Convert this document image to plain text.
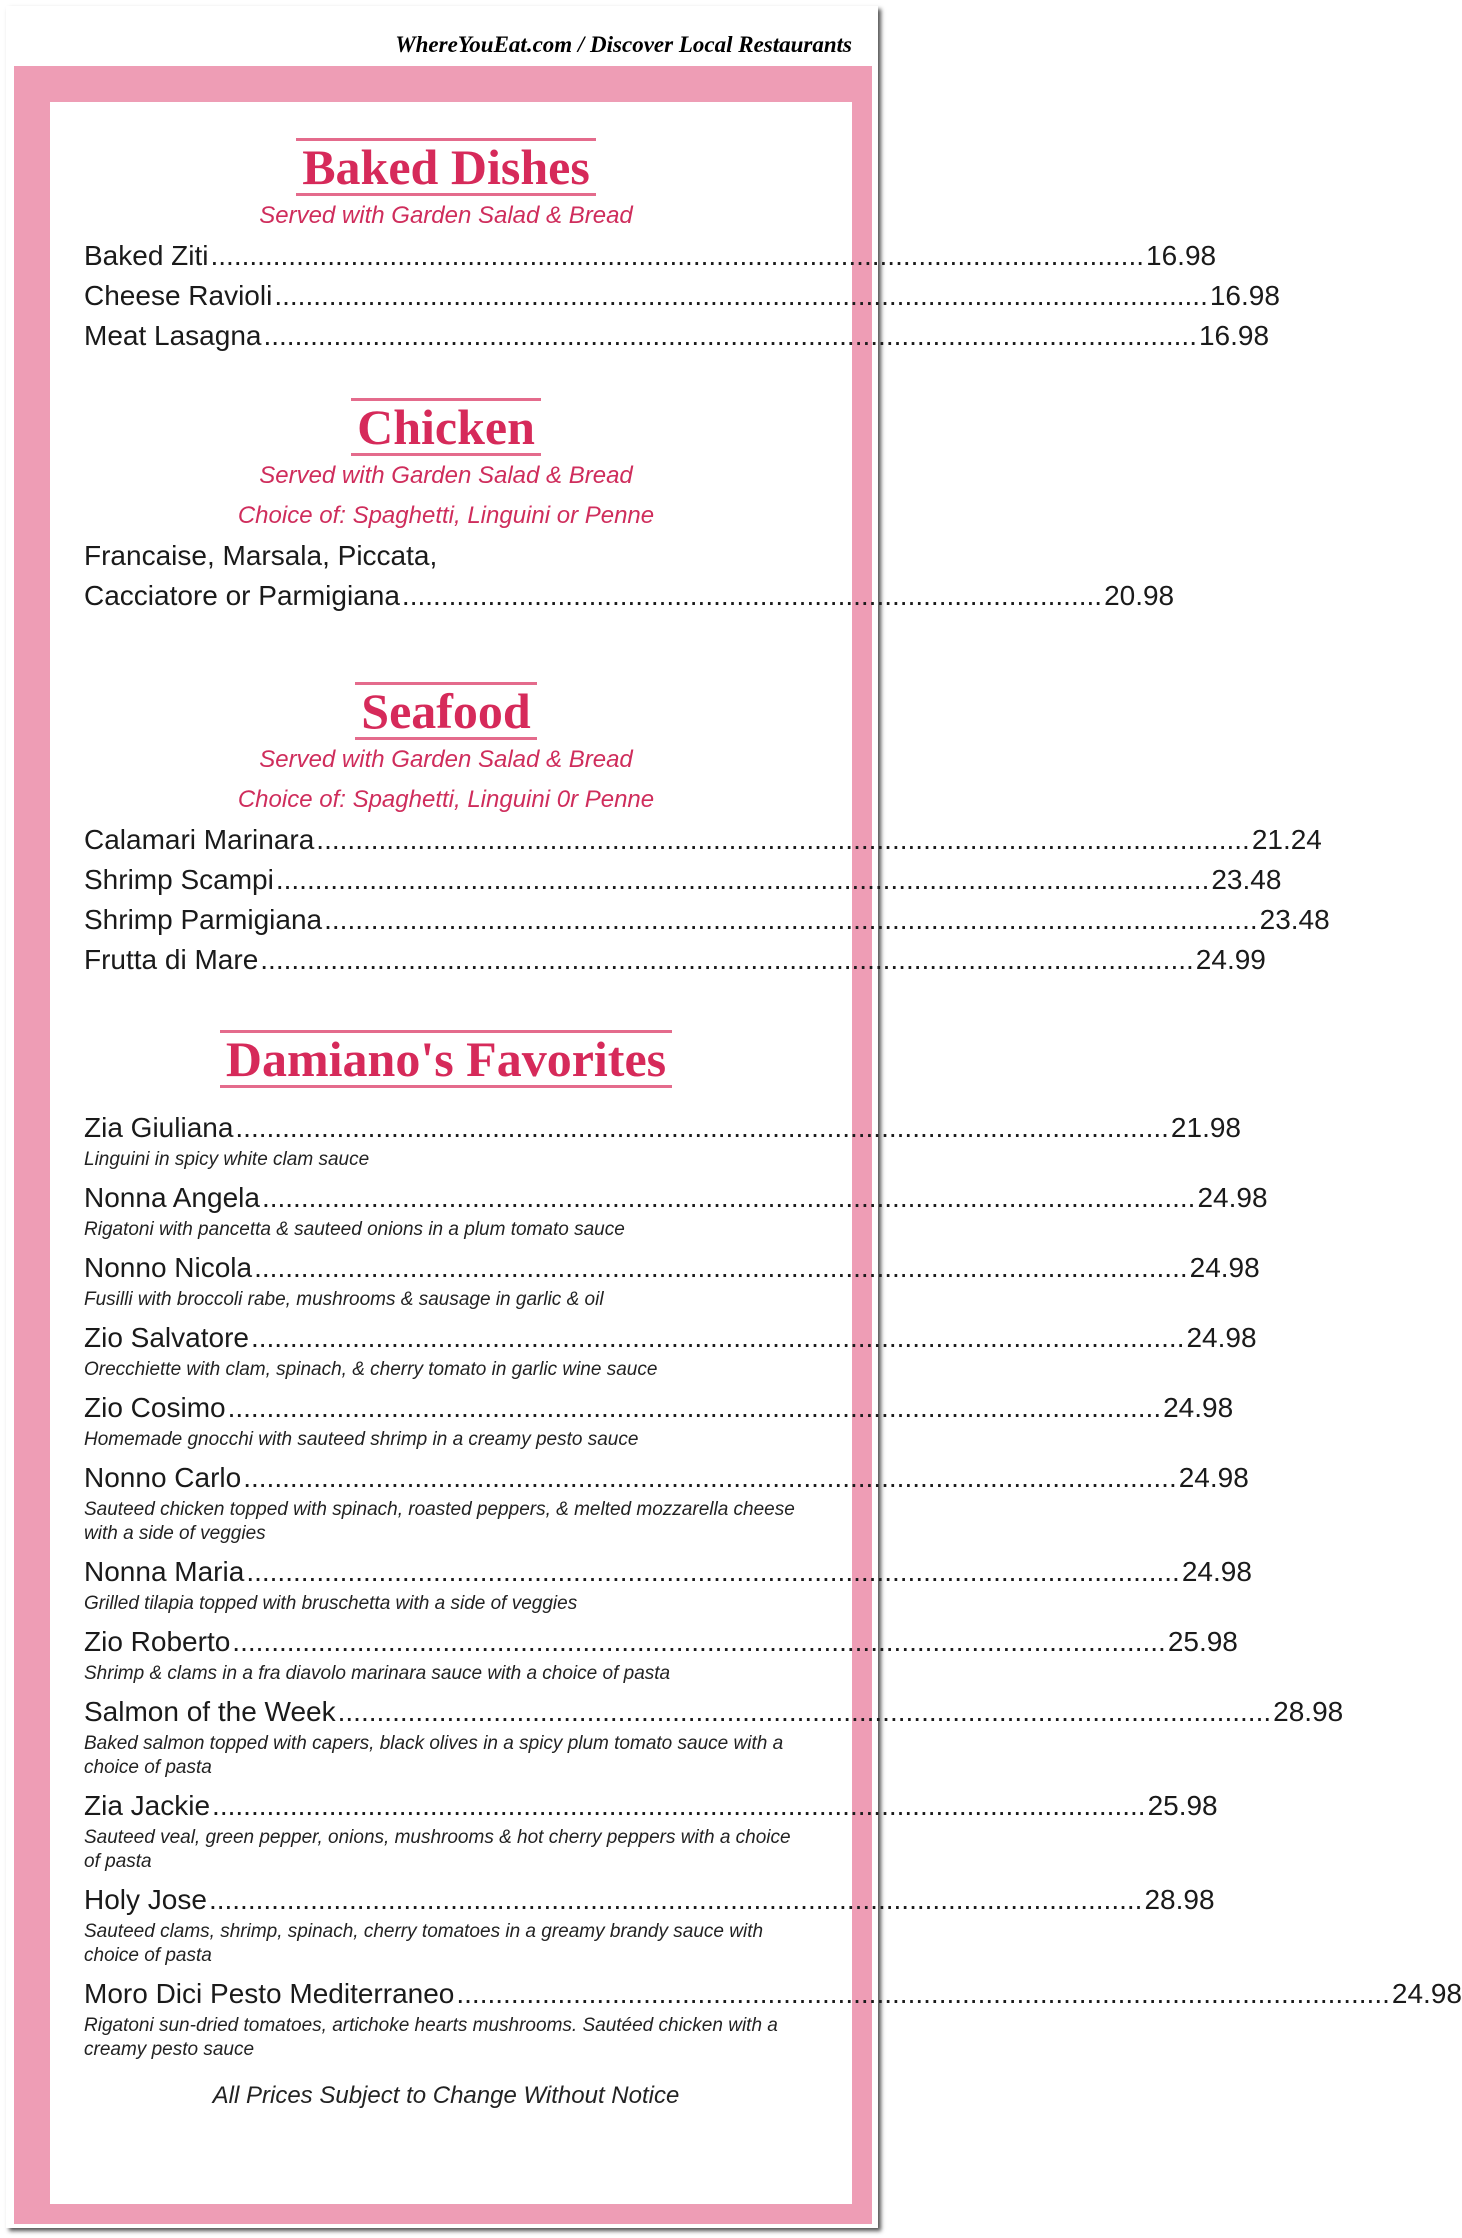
WhereYouEat.com / Discover Local Restaurants
Baked Dishes
Served with Garden Salad & Bread
Baked Ziti ........................................................................................................................ 16.98
Cheese Ravioli ........................................................................................................................ 16.98
Meat Lasagna ........................................................................................................................ 16.98
Chicken
Served with Garden Salad & Bread
Choice of: Spaghetti, Linguini or Penne
Francaise, Marsala, Piccata,
Cacciatore or Parmigiana .......................................................................................... 20.98
Seafood
Served with Garden Salad & Bread
Choice of: Spaghetti, Linguini 0r Penne
Calamari Marinara ........................................................................................................................ 21.24
Shrimp Scampi ........................................................................................................................ 23.48
Shrimp Parmigiana ........................................................................................................................ 23.48
Frutta di Mare ........................................................................................................................ 24.99
Damiano's Favorites
Zia Giuliana ........................................................................................................................ 21.98
Linguini in spicy white clam sauce
Nonna Angela ........................................................................................................................ 24.98
Rigatoni with pancetta & sauteed onions in a plum tomato sauce
Nonno Nicola ........................................................................................................................ 24.98
Fusilli with broccoli rabe, mushrooms & sausage in garlic & oil
Zio Salvatore ........................................................................................................................ 24.98
Orecchiette with clam, spinach, & cherry tomato in garlic wine sauce
Zio Cosimo ........................................................................................................................ 24.98
Homemade gnocchi with sauteed shrimp in a creamy pesto sauce
Nonno Carlo ........................................................................................................................ 24.98
Sauteed chicken topped with spinach, roasted peppers, & melted mozzarella cheese with a side of veggies
Nonna Maria ........................................................................................................................ 24.98
Grilled tilapia topped with bruschetta with a side of veggies
Zio Roberto ........................................................................................................................ 25.98
Shrimp & clams in a fra diavolo marinara sauce with a choice of pasta
Salmon of the Week ........................................................................................................................ 28.98
Baked salmon topped with capers, black olives in a spicy plum tomato sauce with a choice of pasta
Zia Jackie ........................................................................................................................ 25.98
Sauteed veal, green pepper, onions, mushrooms & hot cherry peppers with a choice of pasta
Holy Jose ........................................................................................................................ 28.98
Sauteed clams, shrimp, spinach, cherry tomatoes in a greamy brandy sauce with choice of pasta
Moro Dici Pesto Mediterraneo ........................................................................................................................ 24.98
Rigatoni sun-dried tomatoes, artichoke hearts mushrooms. Sautéed chicken with a creamy pesto sauce
All Prices Subject to Change Without Notice
